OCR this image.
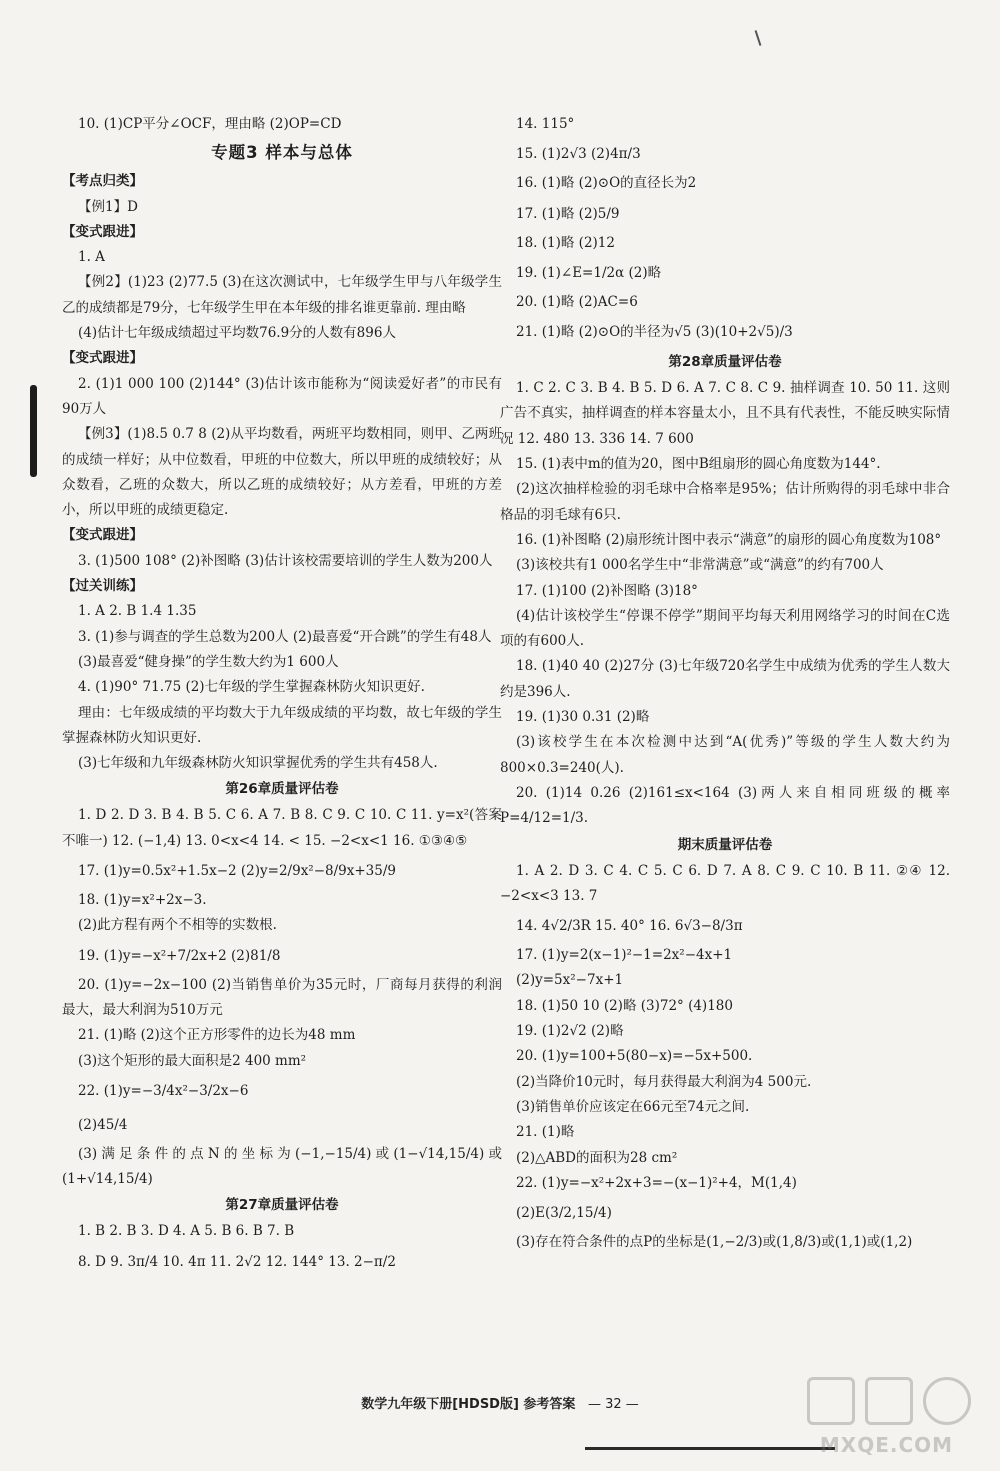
10. (1)CP平分∠OCF，理由略 (2)OP=CD

专题3 样本与总体

【考点归类】

【例1】D

【变式跟进】

1. A

【例2】(1)23 (2)77.5 (3)在这次测试中，七年级学生甲与八年级学生乙的成绩都是79分，七年级学生甲在本年级的排名谁更靠前. 理由略

(4)估计七年级成绩超过平均数76.9分的人数有896人

【变式跟进】

2. (1)1 000 100 (2)144° (3)估计该市能称为“阅读爱好者”的市民有90万人

【例3】(1)8.5 0.7 8 (2)从平均数看，两班平均数相同，则甲、乙两班的成绩一样好；从中位数看，甲班的中位数大，所以甲班的成绩较好；从众数看，乙班的众数大，所以乙班的成绩较好；从方差看，甲班的方差小，所以甲班的成绩更稳定.

【变式跟进】

3. (1)500 108° (2)补图略 (3)估计该校需要培训的学生人数为200人

【过关训练】

1. A 2. B 1.4 1.35

3. (1)参与调查的学生总数为200人 (2)最喜爱“开合跳”的学生有48人

(3)最喜爱“健身操”的学生数大约为1 600人

4. (1)90° 71.75 (2)七年级的学生掌握森林防火知识更好.

理由：七年级成绩的平均数大于九年级成绩的平均数，故七年级的学生掌握森林防火知识更好.

(3)七年级和九年级森林防火知识掌握优秀的学生共有458人.

第26章质量评估卷

1. D 2. D 3. B 4. B 5. C 6. A 7. B 8. C 9. C 10. C 11. y=x²(答案不唯一) 12. (−1,4) 13. 0<x<4 14. < 15. −2<x<1 16. ①③④⑤

17. (1)y=0.5x²+1.5x−2 (2)y=2/9x²−8/9x+35/9

18. (1)y=x²+2x−3.

(2)此方程有两个不相等的实数根.

19. (1)y=−x²+7/2x+2 (2)81/8

20. (1)y=−2x−100 (2)当销售单价为35元时，厂商每月获得的利润最大，最大利润为510万元

21. (1)略 (2)这个正方形零件的边长为48 mm

(3)这个矩形的最大面积是2 400 mm²

22. (1)y=−3/4x²−3/2x−6

(2)45/4

(3)满足条件的点N的坐标为(−1,−15/4)或(1−√14,15/4)或(1+√14,15/4)

第27章质量评估卷

1. B 2. B 3. D 4. A 5. B 6. B 7. B

8. D 9. 3π/4 10. 4π 11. 2√2 12. 144° 13. 2−π/2

14. 115°

15. (1)2√3 (2)4π/3

16. (1)略 (2)⊙O的直径长为2

17. (1)略 (2)5/9

18. (1)略 (2)12

19. (1)∠E=1/2α (2)略

20. (1)略 (2)AC=6

21. (1)略 (2)⊙O的半径为√5 (3)(10+2√5)/3

第28章质量评估卷

1. C 2. C 3. B 4. B 5. D 6. A 7. C 8. C 9. 抽样调查 10. 50 11. 这则广告不真实，抽样调查的样本容量太小，且不具有代表性，不能反映实际情况 12. 480 13. 336 14. 7 600

15. (1)表中m的值为20，图中B组扇形的圆心角度数为144°.

(2)这次抽样检验的羽毛球中合格率是95%；估计所购得的羽毛球中非合格品的羽毛球有6只.

16. (1)补图略 (2)扇形统计图中表示“满意”的扇形的圆心角度数为108°

(3)该校共有1 000名学生中“非常满意”或“满意”的约有700人

17. (1)100 (2)补图略 (3)18°

(4)估计该校学生“停课不停学”期间平均每天利用网络学习的时间在C选项的有600人.

18. (1)40 40 (2)27分 (3)七年级720名学生中成绩为优秀的学生人数大约是396人.

19. (1)30 0.31 (2)略

(3)该校学生在本次检测中达到“A(优秀)”等级的学生人数大约为800×0.3=240(人).

20. (1)14 0.26 (2)161≤x<164 (3)两人来自相同班级的概率P=4/12=1/3.

期末质量评估卷

1. A 2. D 3. C 4. C 5. C 6. D 7. A 8. C 9. C 10. B 11. ②④ 12. −2<x<3 13. 7

14. 4√2/3R 15. 40° 16. 6√3−8/3π

17. (1)y=2(x−1)²−1=2x²−4x+1

(2)y=5x²−7x+1

18. (1)50 10 (2)略 (3)72° (4)180

19. (1)2√2 (2)略

20. (1)y=100+5(80−x)=−5x+500.

(2)当降价10元时，每月获得最大利润为4 500元.

(3)销售单价应该定在66元至74元之间.

21. (1)略

(2)△ABD的面积为28 cm²

22. (1)y=−x²+2x+3=−(x−1)²+4，M(1,4)

(2)E(3/2,15/4)

(3)存在符合条件的点P的坐标是(1,−2/3)或(1,8/3)或(1,1)或(1,2)

数学九年级下册[HDSD版] 参考答案 — 32 —
MXQE.COM
